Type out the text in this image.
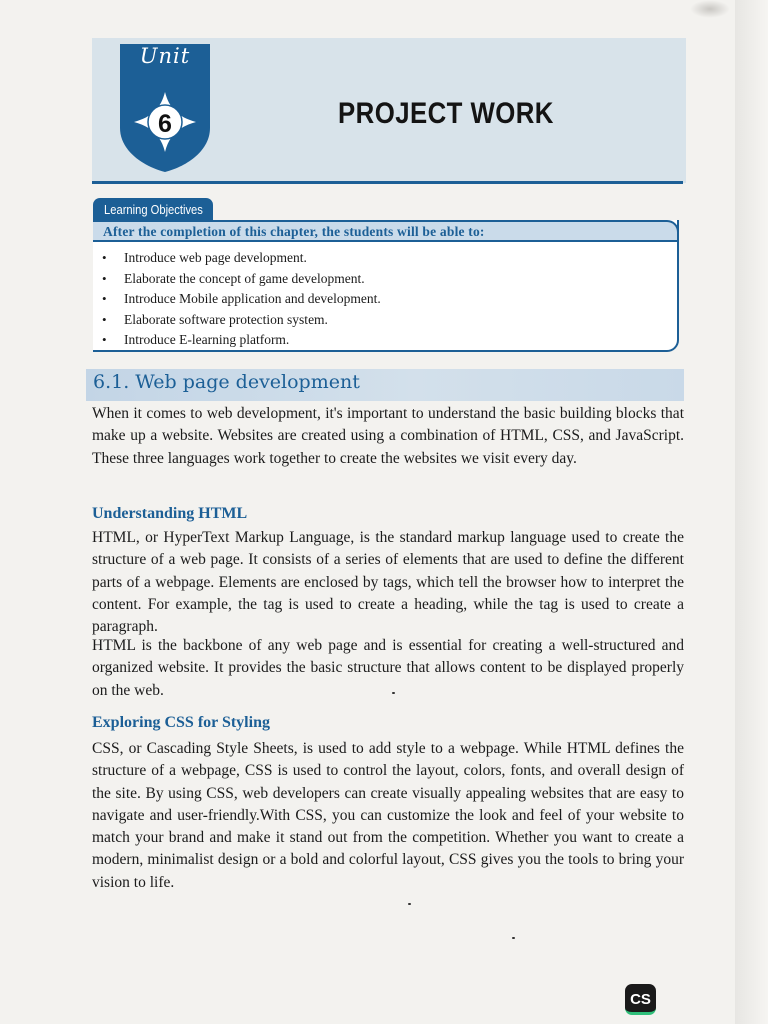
Unit
6	PROJECT WORK
Learning Objectives
After the completion of this chapter, the students will be able to:
• Introduce web page development.
• Elaborate the concept of game development.
• Introduce Mobile application and development.
• Elaborate software protection system.
• Introduce E-learning platform.
6.1. Web page development

When it comes to web development, it's important to understand the basic building blocks that make up a website. Websites are created using a combination of HTML, CSS, and JavaScript. These three languages work together to create the websites we visit every day.

Understanding HTML

HTML, or HyperText Markup Language, is the standard markup language used to create the structure of a web page. It consists of a series of elements that are used to define the different parts of a webpage. Elements are enclosed by tags, which tell the browser how to interpret the content. For example, the tag is used to create a heading, while the tag is used to create a paragraph.

HTML is the backbone of any web page and is essential for creating a well-structured and organized website. It provides the basic structure that allows content to be displayed properly on the web.

Exploring CSS for Styling

CSS, or Cascading Style Sheets, is used to add style to a webpage. While HTML defines the structure of a webpage, CSS is used to control the layout, colors, fonts, and overall design of the site. By using CSS, web developers can create visually appealing websites that are easy to navigate and user-friendly.With CSS, you can customize the look and feel of your website to match your brand and make it stand out from the competition. Whether you want to create a modern, minimalist design or a bold and colorful layout, CSS gives you the tools to bring your vision to life.

CS
